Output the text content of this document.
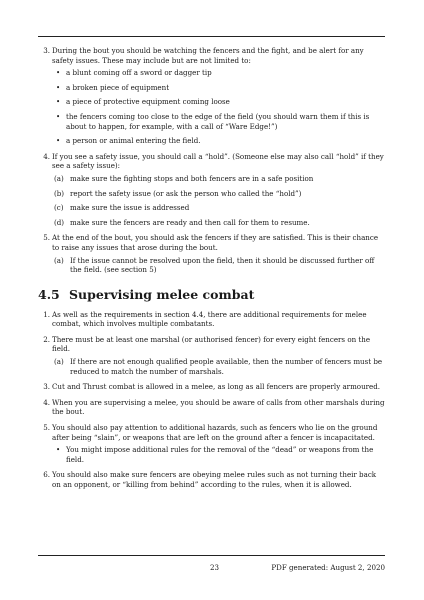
3. During the bout you should be watching the fencers and the fight, and be alert for any safety issues. These may include but are not limited to:
• a blunt coming off a sword or dagger tip
• a broken piece of equipment
• a piece of protective equipment coming loose
• the fencers coming too close to the edge of the field (you should warn them if this is about to happen, for example, with a call of “Ware Edge!”)
• a person or animal entering the field.
4. If you see a safety issue, you should call a “hold”. (Someone else may also call “hold” if they see a safety issue):
(a) make sure the fighting stops and both fencers are in a safe position
(b) report the safety issue (or ask the person who called the “hold”)
(c) make sure the issue is addressed
(d) make sure the fencers are ready and then call for them to resume.
5. At the end of the bout, you should ask the fencers if they are satisfied. This is their chance to raise any issues that arose during the bout.
(a) If the issue cannot be resolved upon the field, then it should be discussed further off the field. (see section 5)
4.5 Supervising melee combat
1. As well as the requirements in section 4.4, there are additional requirements for melee combat, which involves multiple combatants.
2. There must be at least one marshal (or authorised fencer) for every eight fencers on the field.
(a) If there are not enough qualified people available, then the number of fencers must be reduced to match the number of marshals.
3. Cut and Thrust combat is allowed in a melee, as long as all fencers are properly armoured.
4. When you are supervising a melee, you should be aware of calls from other marshals during the bout.
5. You should also pay attention to additional hazards, such as fencers who lie on the ground after being “slain”, or weapons that are left on the ground after a fencer is incapacitated.
• You might impose additional rules for the removal of the “dead” or weapons from the field.
6. You should also make sure fencers are obeying melee rules such as not turning their back on an opponent, or “killing from behind” according to the rules, when it is allowed.
23	PDF generated: August 2, 2020
